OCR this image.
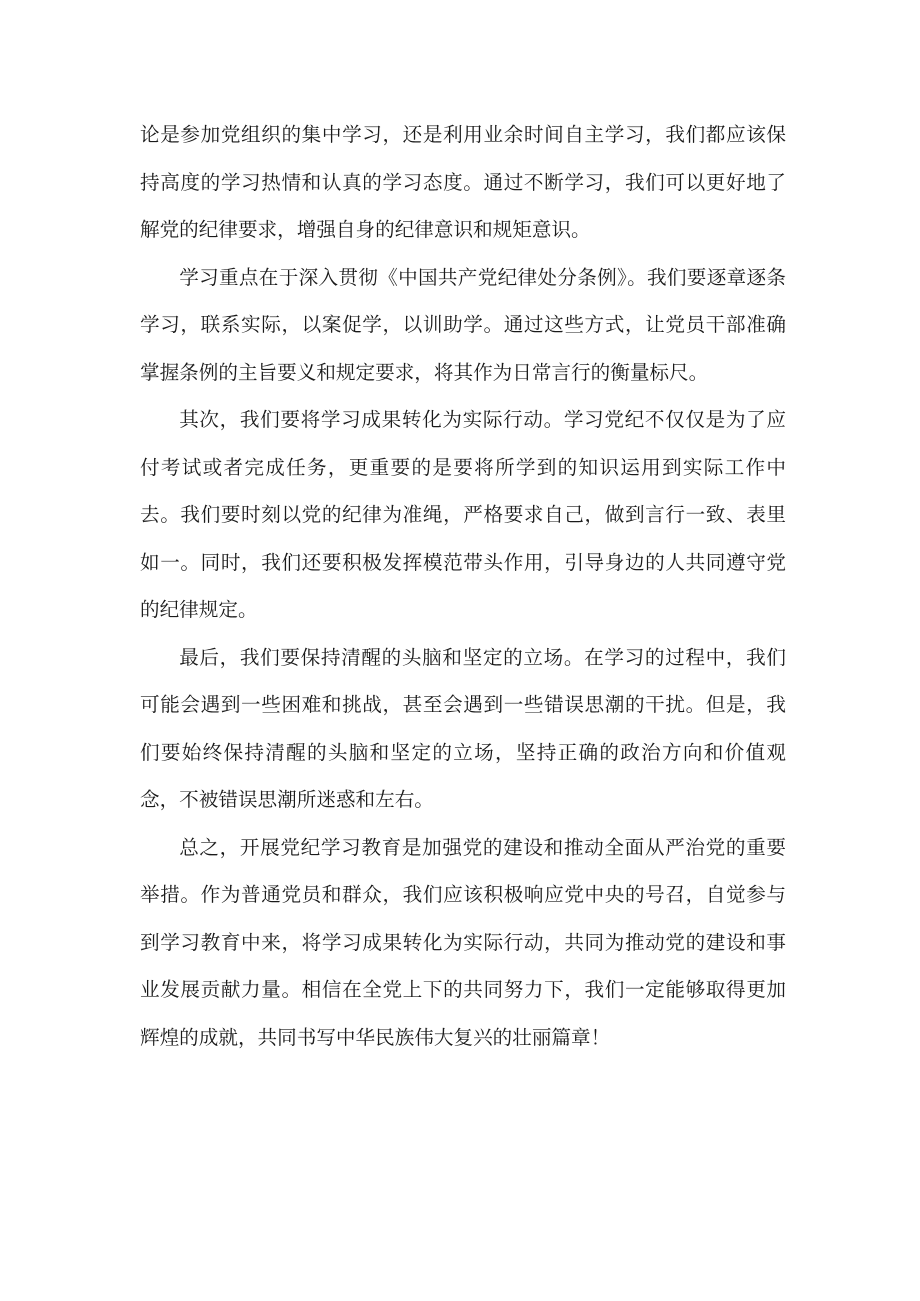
论是参加党组织的集中学习，还是利用业余时间自主学习，我们都应该保持高度的学习热情和认真的学习态度。通过不断学习，我们可以更好地了解党的纪律要求，增强自身的纪律意识和规矩意识。

学习重点在于深入贯彻《中国共产党纪律处分条例》。我们要逐章逐条学习，联系实际，以案促学，以训助学。通过这些方式，让党员干部准确掌握条例的主旨要义和规定要求，将其作为日常言行的衡量标尺。

其次，我们要将学习成果转化为实际行动。学习党纪不仅仅是为了应付考试或者完成任务，更重要的是要将所学到的知识运用到实际工作中去。我们要时刻以党的纪律为准绳，严格要求自己，做到言行一致、表里如一。同时，我们还要积极发挥模范带头作用，引导身边的人共同遵守党的纪律规定。

最后，我们要保持清醒的头脑和坚定的立场。在学习的过程中，我们可能会遇到一些困难和挑战，甚至会遇到一些错误思潮的干扰。但是，我们要始终保持清醒的头脑和坚定的立场，坚持正确的政治方向和价值观念，不被错误思潮所迷惑和左右。

总之，开展党纪学习教育是加强党的建设和推动全面从严治党的重要举措。作为普通党员和群众，我们应该积极响应党中央的号召，自觉参与到学习教育中来，将学习成果转化为实际行动，共同为推动党的建设和事业发展贡献力量。相信在全党上下的共同努力下，我们一定能够取得更加辉煌的成就，共同书写中华民族伟大复兴的壮丽篇章！
